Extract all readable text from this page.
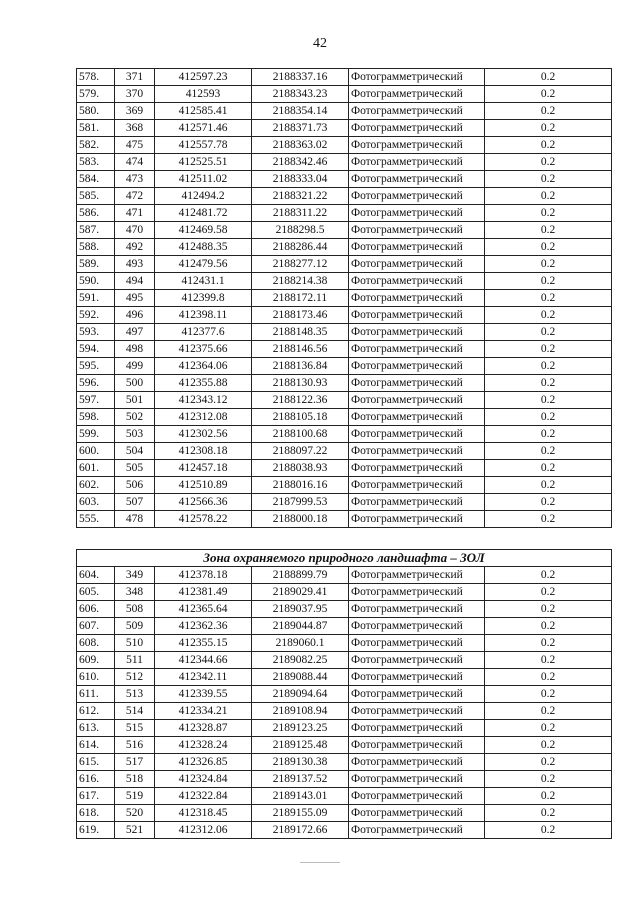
42
578.	371	412597.23	2188337.16	Фотограмметрический	0.2
579.	370	412593	2188343.23	Фотограмметрический	0.2
580.	369	412585.41	2188354.14	Фотограмметрический	0.2
581.	368	412571.46	2188371.73	Фотограмметрический	0.2
582.	475	412557.78	2188363.02	Фотограмметрический	0.2
583.	474	412525.51	2188342.46	Фотограмметрический	0.2
584.	473	412511.02	2188333.04	Фотограмметрический	0.2
585.	472	412494.2	2188321.22	Фотограмметрический	0.2
586.	471	412481.72	2188311.22	Фотограмметрический	0.2
587.	470	412469.58	2188298.5	Фотограмметрический	0.2
588.	492	412488.35	2188286.44	Фотограмметрический	0.2
589.	493	412479.56	2188277.12	Фотограмметрический	0.2
590.	494	412431.1	2188214.38	Фотограмметрический	0.2
591.	495	412399.8	2188172.11	Фотограмметрический	0.2
592.	496	412398.11	2188173.46	Фотограмметрический	0.2
593.	497	412377.6	2188148.35	Фотограмметрический	0.2
594.	498	412375.66	2188146.56	Фотограмметрический	0.2
595.	499	412364.06	2188136.84	Фотограмметрический	0.2
596.	500	412355.88	2188130.93	Фотограмметрический	0.2
597.	501	412343.12	2188122.36	Фотограмметрический	0.2
598.	502	412312.08	2188105.18	Фотограмметрический	0.2
599.	503	412302.56	2188100.68	Фотограмметрический	0.2
600.	504	412308.18	2188097.22	Фотограмметрический	0.2
601.	505	412457.18	2188038.93	Фотограмметрический	0.2
602.	506	412510.89	2188016.16	Фотограмметрический	0.2
603.	507	412566.36	2187999.53	Фотограмметрический	0.2
555.	478	412578.22	2188000.18	Фотограмметрический	0.2
Зона охраняемого природного ландшафта – ЗОЛ					
604.	349	412378.18	2188899.79	Фотограмметрический	0.2
605.	348	412381.49	2189029.41	Фотограмметрический	0.2
606.	508	412365.64	2189037.95	Фотограмметрический	0.2
607.	509	412362.36	2189044.87	Фотограмметрический	0.2
608.	510	412355.15	2189060.1	Фотограмметрический	0.2
609.	511	412344.66	2189082.25	Фотограмметрический	0.2
610.	512	412342.11	2189088.44	Фотограмметрический	0.2
611.	513	412339.55	2189094.64	Фотограмметрический	0.2
612.	514	412334.21	2189108.94	Фотограмметрический	0.2
613.	515	412328.87	2189123.25	Фотограмметрический	0.2
614.	516	412328.24	2189125.48	Фотограмметрический	0.2
615.	517	412326.85	2189130.38	Фотограмметрический	0.2
616.	518	412324.84	2189137.52	Фотограмметрический	0.2
617.	519	412322.84	2189143.01	Фотограмметрический	0.2
618.	520	412318.45	2189155.09	Фотограмметрический	0.2
619.	521	412312.06	2189172.66	Фотограмметрический	0.2
